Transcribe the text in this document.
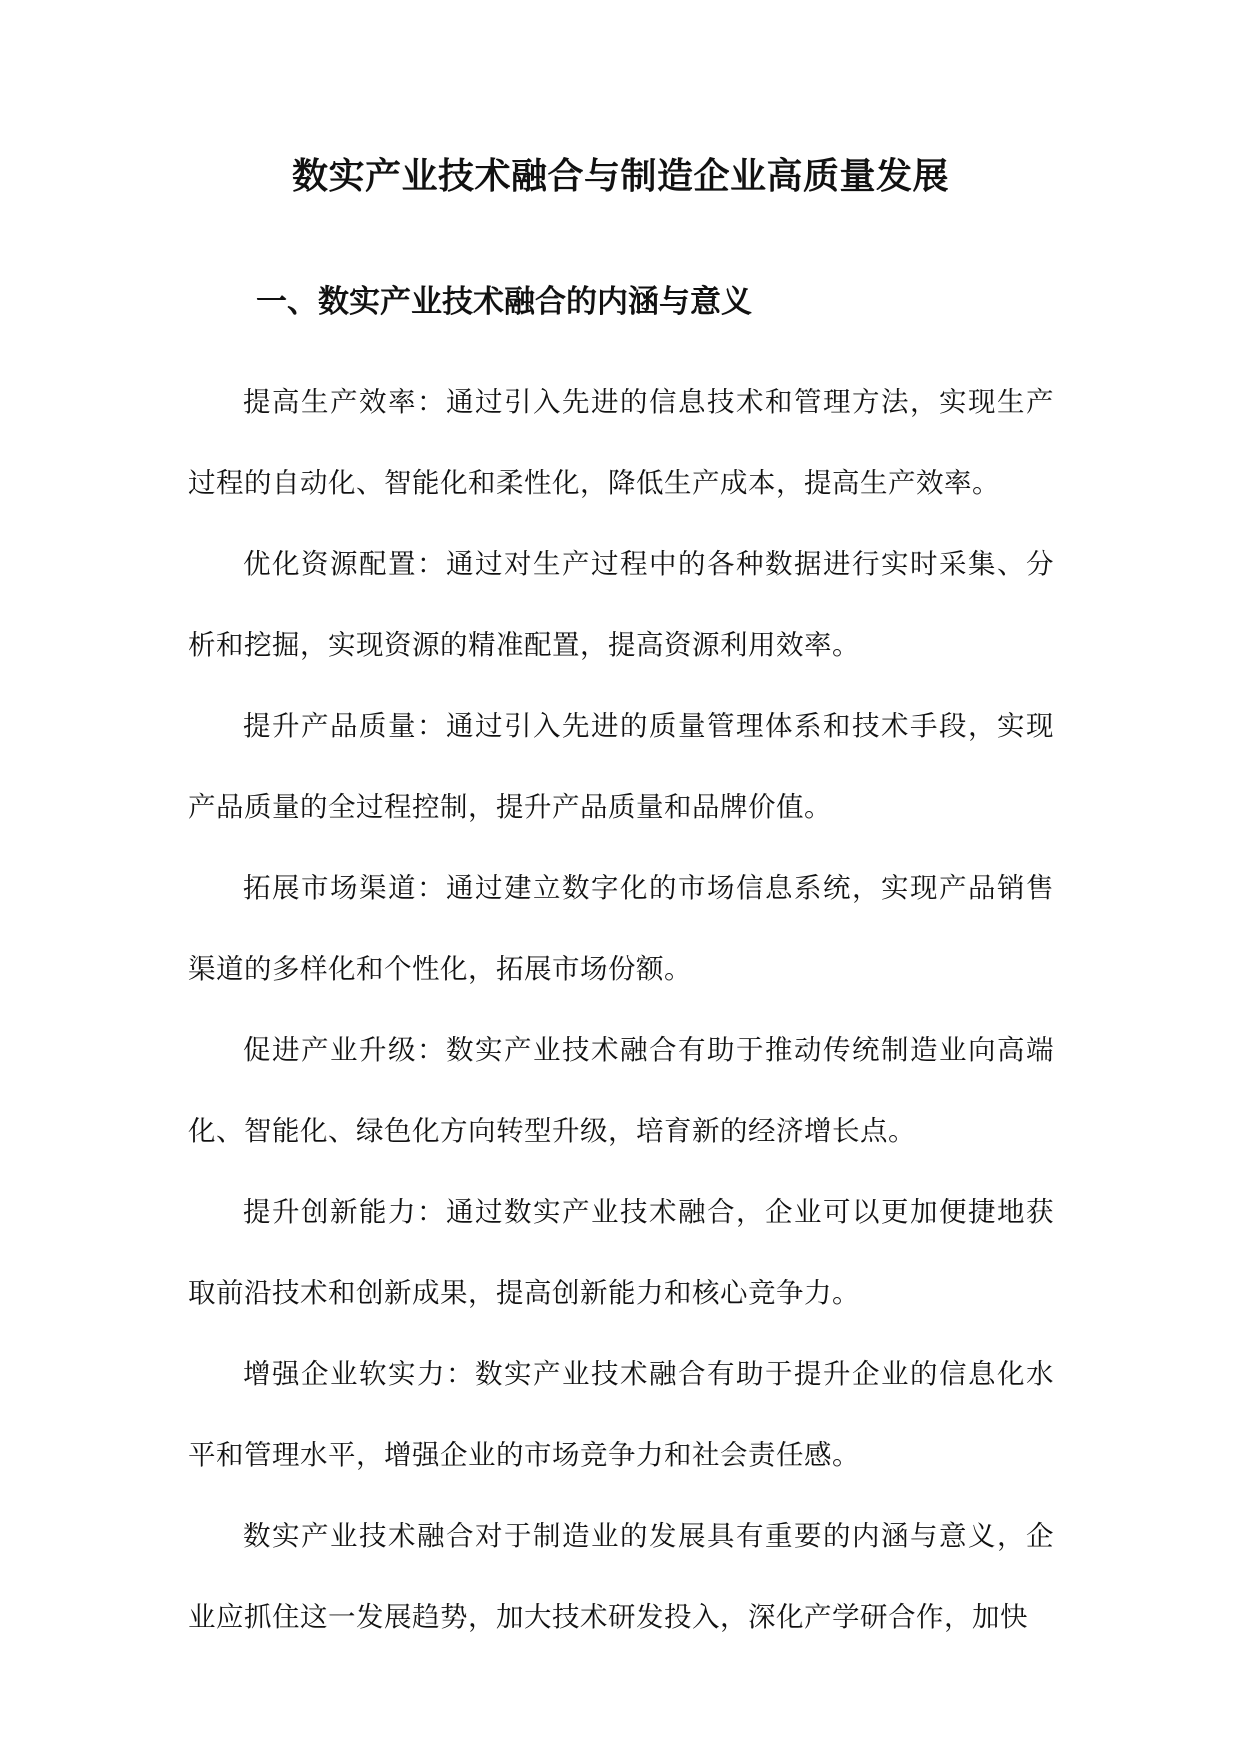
数实产业技术融合与制造企业高质量发展
一、数实产业技术融合的内涵与意义

提高生产效率：通过引入先进的信息技术和管理方法，实现生产过程的自动化、智能化和柔性化，降低生产成本，提高生产效率。

优化资源配置：通过对生产过程中的各种数据进行实时采集、分析和挖掘，实现资源的精准配置，提高资源利用效率。

提升产品质量：通过引入先进的质量管理体系和技术手段，实现产品质量的全过程控制，提升产品质量和品牌价值。

拓展市场渠道：通过建立数字化的市场信息系统，实现产品销售渠道的多样化和个性化，拓展市场份额。

促进产业升级：数实产业技术融合有助于推动传统制造业向高端化、智能化、绿色化方向转型升级，培育新的经济增长点。

提升创新能力：通过数实产业技术融合，企业可以更加便捷地获取前沿技术和创新成果，提高创新能力和核心竞争力。

增强企业软实力：数实产业技术融合有助于提升企业的信息化水平和管理水平，增强企业的市场竞争力和社会责任感。

数实产业技术融合对于制造业的发展具有重要的内涵与意义，企业应抓住这一发展趋势，加大技术研发投入，深化产学研合作，加快
